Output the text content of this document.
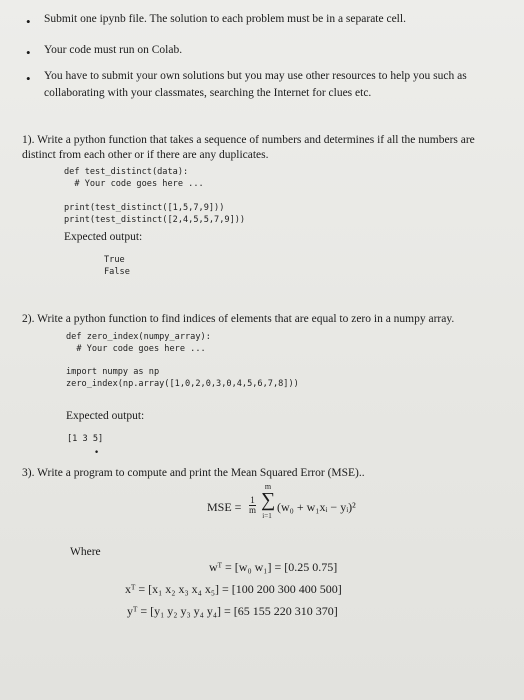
• Submit one ipynb file. The solution to each problem must be in a separate cell.
• Your code must run on Colab.
• You have to submit your own solutions but you may use other resources to help you such as collaborating with your classmates, searching the Internet for clues etc.
1). Write a python function that takes a sequence of numbers and determines if all the numbers are distinct from each other or if there are any duplicates.
def test_distinct(data):
# Your code goes here ...

print(test_distinct([1,5,7,9]))
print(test_distinct([2,4,5,5,7,9]))
Expected output:
True
False
2). Write a python function to find indices of elements that are equal to zero in a numpy array.
def zero_index(numpy_array):
# Your code goes here ...
import numpy as np
zero_index(np.array([1,0,2,0,3,0,4,5,6,7,8]))
Expected output:
[1 3 5]
•
3). Write a program to compute and print the Mean Squared Error (MSE)..
MSE = $\frac{1}{m}$
m
∑
i=1
(w₀ + w₁xᵢ − yᵢ)²
Where
wᵀ = [w₀ w₁] = [0.25 0.75]
xᵀ = [x₁ x₂ x₃ x₄ x₅] = [100 200 300 400 500]
yᵀ = [y₁ y₂ y₃ y₄ y₄] = [65 155 220 310 370]
